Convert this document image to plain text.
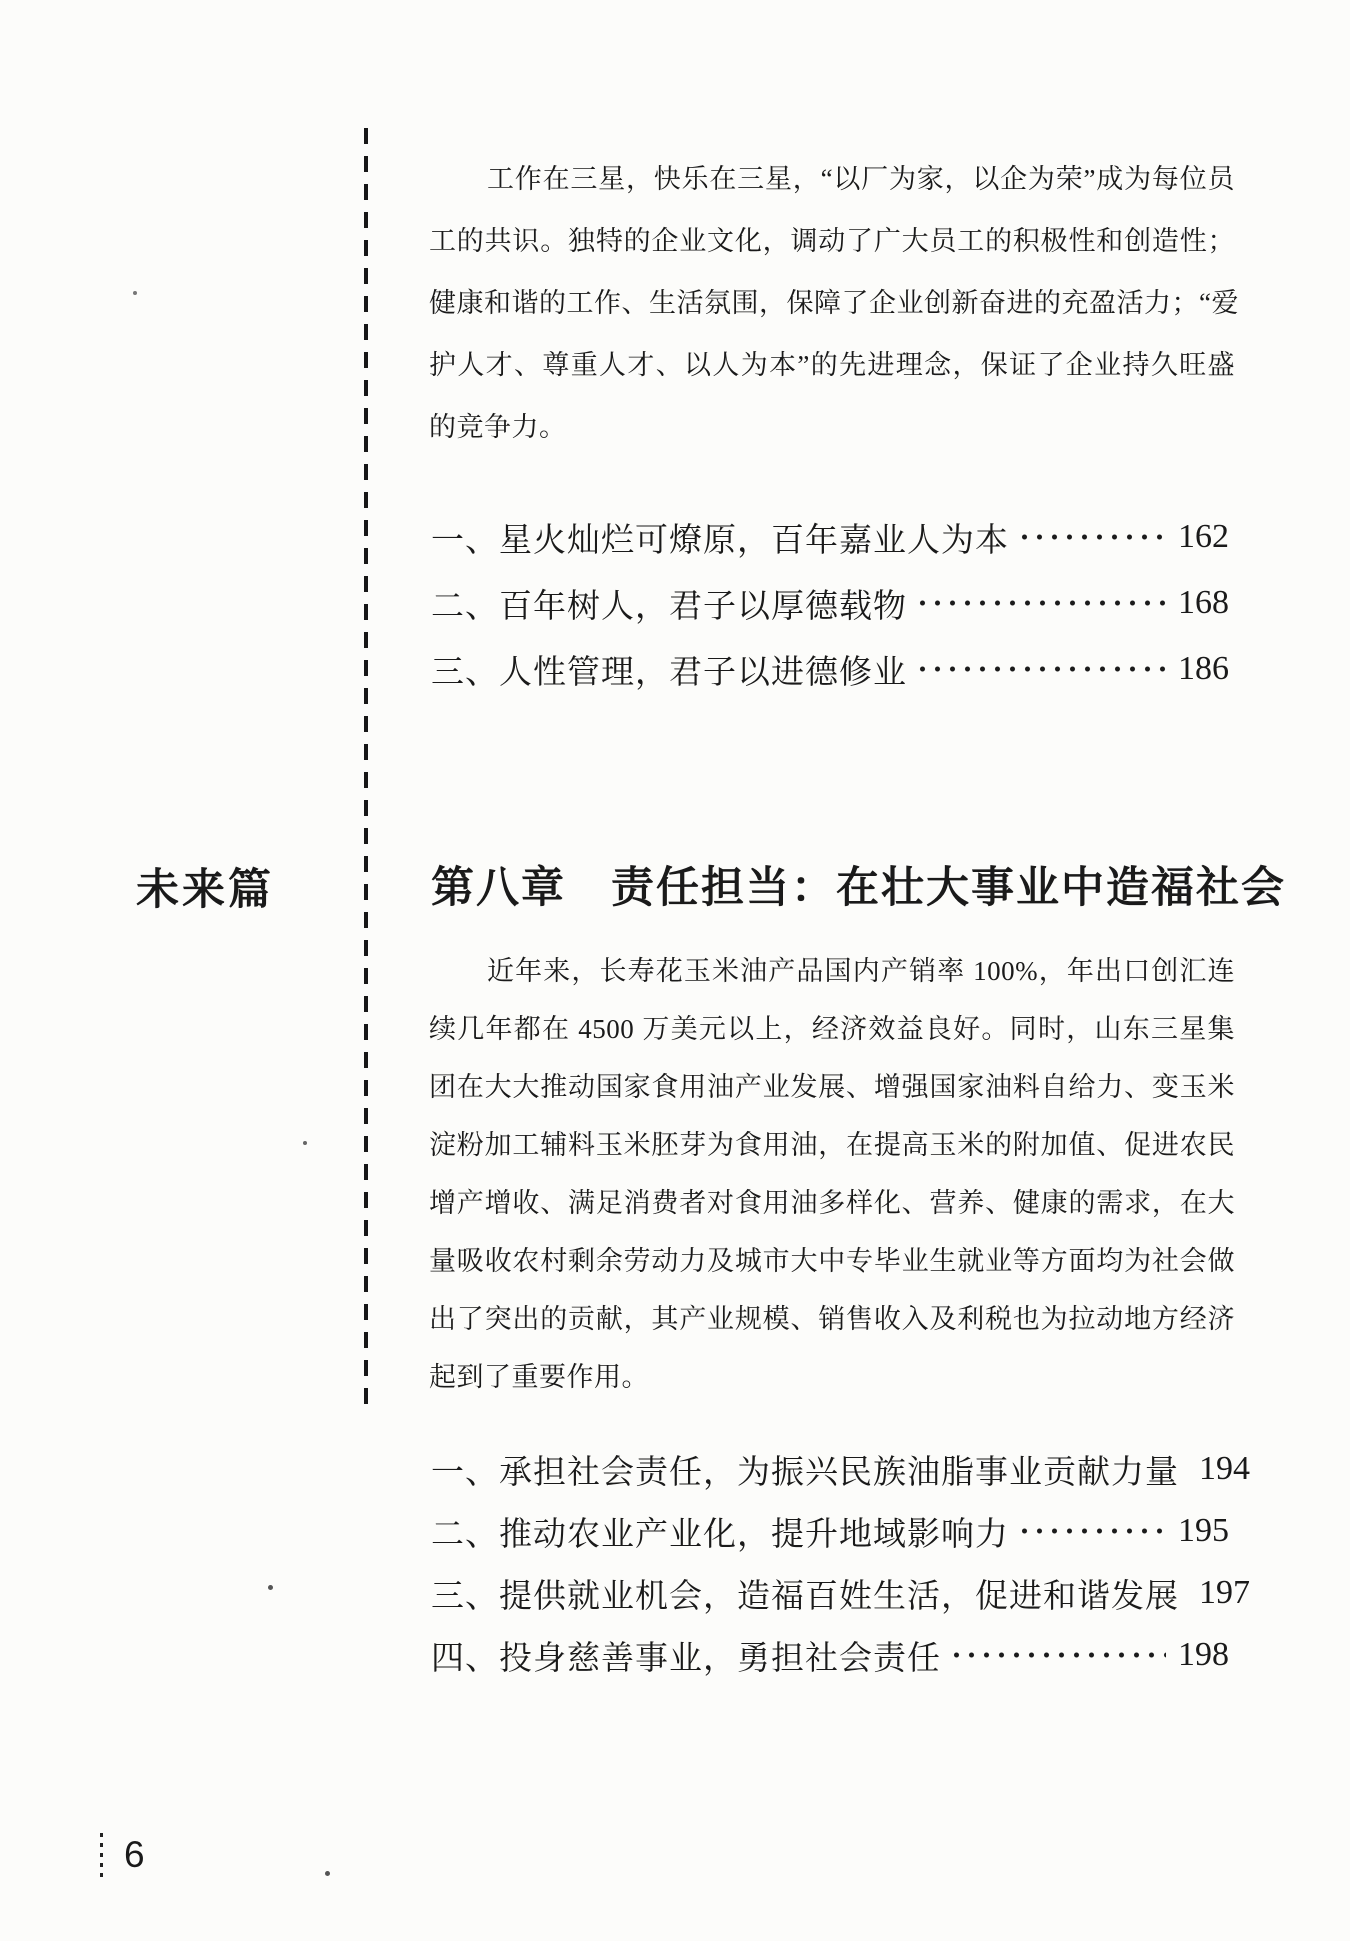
未来篇
工作在三星，快乐在三星，“以厂为家，以企为荣”成为每位员
工的共识。独特的企业文化，调动了广大员工的积极性和创造性；
健康和谐的工作、生活氛围，保障了企业创新奋进的充盈活力；“爱
护人才、尊重人才、以人为本”的先进理念，保证了企业持久旺盛
的竞争力。
一、星火灿烂可燎原，百年嘉业人为本	162
二、百年树人，君子以厚德载物	168
三、人性管理，君子以进德修业	186
第八章　责任担当：在壮大事业中造福社会
近年来，长寿花玉米油产品国内产销率 100%，年出口创汇连
续几年都在 4500 万美元以上，经济效益良好。同时，山东三星集
团在大大推动国家食用油产业发展、增强国家油料自给力、变玉米
淀粉加工辅料玉米胚芽为食用油，在提高玉米的附加值、促进农民
增产增收、满足消费者对食用油多样化、营养、健康的需求，在大
量吸收农村剩余劳动力及城市大中专毕业生就业等方面均为社会做
出了突出的贡献，其产业规模、销售收入及利税也为拉动地方经济
起到了重要作用。
一、承担社会责任，为振兴民族油脂事业贡献力量 194
二、推动农业产业化，提升地域影响力	195
三、提供就业机会，造福百姓生活，促进和谐发展 197
四、投身慈善事业，勇担社会责任	198
6
